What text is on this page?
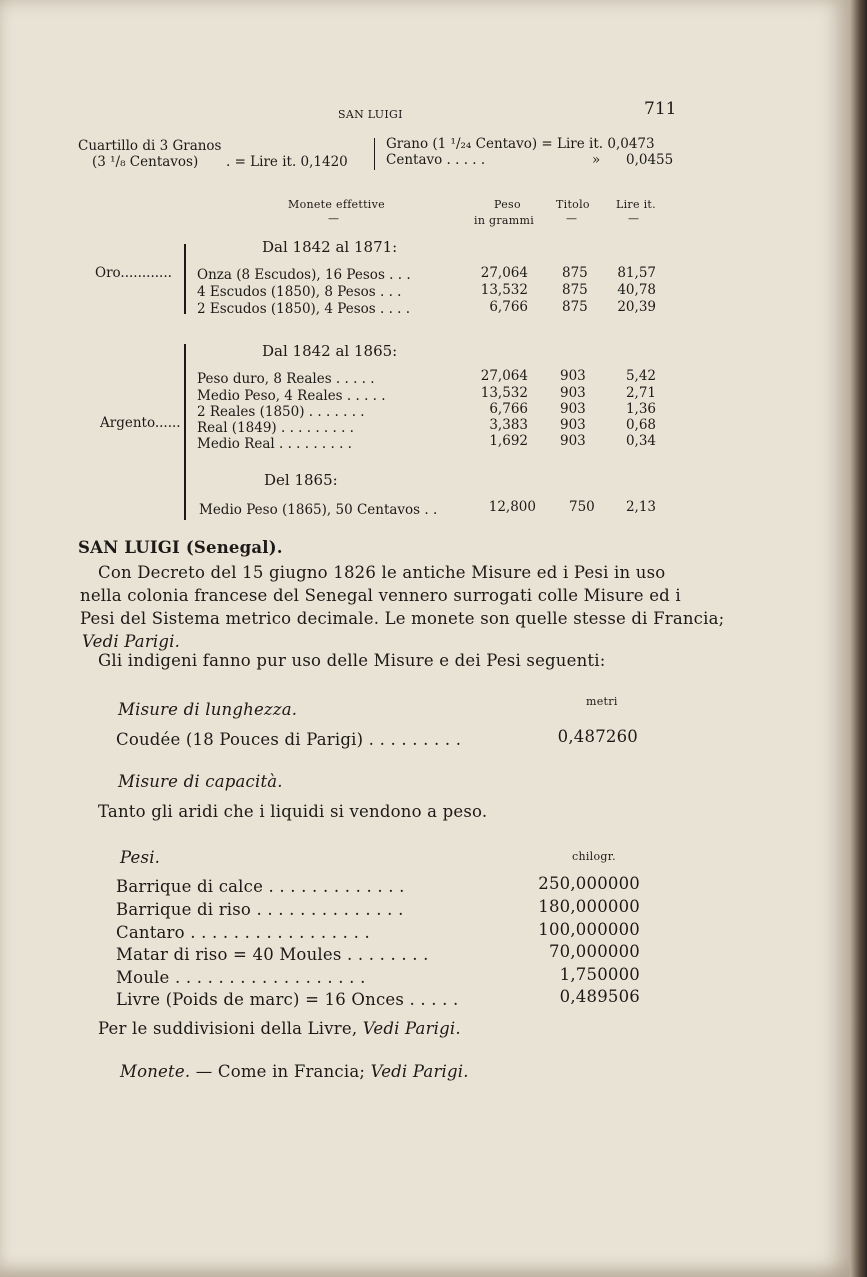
SAN LUIGI	711
Cuartillo di 3 Granos
(3 ¹/₈ Centavos) . = Lire it. 0,1420
Grano (1 ¹/₂₄ Centavo) = Lire it. 0,0473
Centavo . . . . .	» 0,0455
Monete effettive
—
Peso
in grammi
Titolo
—
Lire it.
—
Oro............
Dal 1842 al 1871:
Onza (8 Escudos), 16 Pesos . . .	27,064	875	81,57
4 Escudos (1850), 8 Pesos . . .	13,532	875	40,78
2 Escudos (1850), 4 Pesos . . . .	6,766	875	20,39
Argento......
Dal 1842 al 1865:
Peso duro, 8 Reales . . . . .	27,064 903	5,42
Medio Peso, 4 Reales . . . . .	13,532 903	2,71
2 Reales (1850) . . . . . . .	6,766 903	1,36
Real (1849) . . . . . . . . .	3,383 903	0,68
Medio Real . . . . . . . . .	1,692 903	0,34
Del 1865:
Medio Peso (1865), 50 Centavos . .	12,800 750	2,13
SAN LUIGI (Senegal).
Con Decreto del 15 giugno 1826 le antiche Misure ed i Pesi in uso
nella colonia francese del Senegal vennero surrogati colle Misure ed i
Pesi del Sistema metrico decimale. Le monete son quelle stesse di Francia;
Vedi Parigi.
Gli indigeni fanno pur uso delle Misure e dei Pesi seguenti:
Misure di lunghezza.	metri
Coudée (18 Pouces di Parigi) . . . . . . . . .	0,487260
Misure di capacità.
Tanto gli aridi che i liquidi si vendono a peso.
Pesi.	chilogr.
Barrique di calce . . . . . . . . . . . . .	250,000000
Barrique di riso . . . . . . . . . . . . . .	180,000000
Cantaro . . . . . . . . . . . . . . . . .	100,000000
Matar di riso = 40 Moules . . . . . . . .	70,000000
Moule . . . . . . . . . . . . . . . . . .	1,750000
Livre (Poids de marc) = 16 Onces . . . . .	0,489506
Per le suddivisioni della Livre, Vedi Parigi.
Monete. — Come in Francia; Vedi Parigi.
